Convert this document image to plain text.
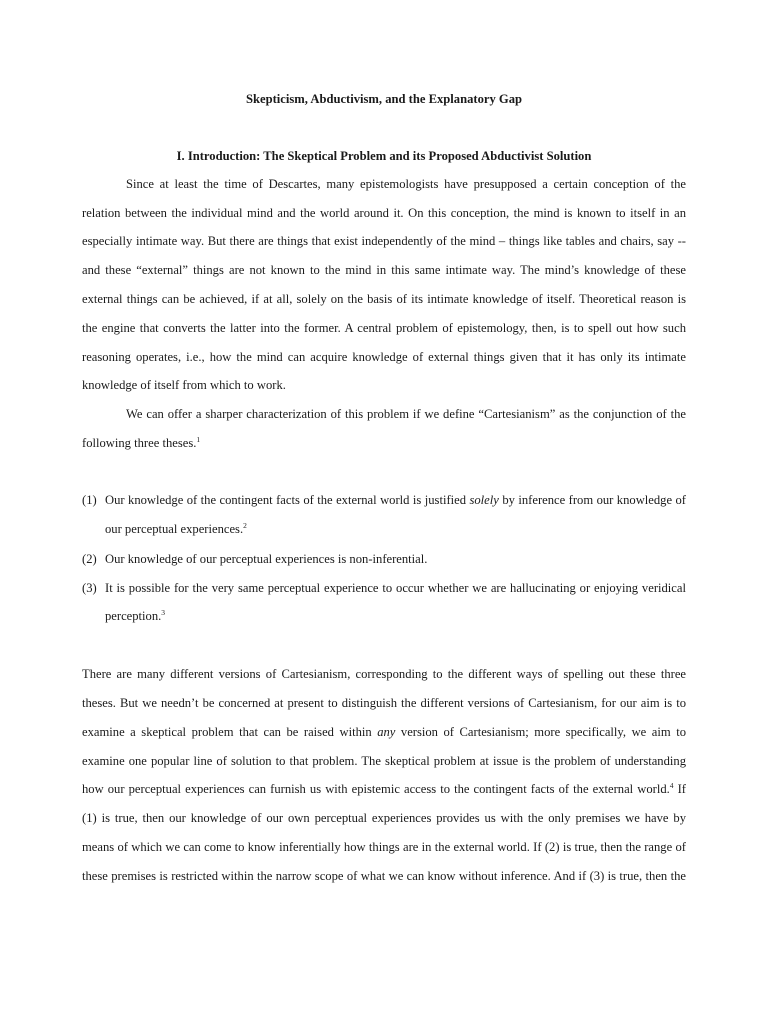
Skepticism, Abductivism, and the Explanatory Gap
I. Introduction: The Skeptical Problem and its Proposed Abductivist Solution
Since at least the time of Descartes, many epistemologists have presupposed a certain conception of the
relation between the individual mind and the world around it. On this conception, the mind is known to itself in an
especially intimate way. But there are things that exist independently of the mind – things like tables and chairs, say --
and these “external” things are not known to the mind in this same intimate way. The mind’s knowledge of these
external things can be achieved, if at all, solely on the basis of its intimate knowledge of itself. Theoretical reason is
the engine that converts the latter into the former. A central problem of epistemology, then, is to spell out how such
reasoning operates, i.e., how the mind can acquire knowledge of external things given that it has only its intimate
knowledge of itself from which to work.
We can offer a sharper characterization of this problem if we define “Cartesianism” as the conjunction of the
following three theses.$^1$
(1) Our knowledge of the contingent facts of the external world is justified solely by inference from our knowledge of
our perceptual experiences.$^2$
(2) Our knowledge of our perceptual experiences is non-inferential.
(3) It is possible for the very same perceptual experience to occur whether we are hallucinating or enjoying veridical
perception.$^3$
There are many different versions of Cartesianism, corresponding to the different ways of spelling out these three
theses. But we needn’t be concerned at present to distinguish the different versions of Cartesianism, for our aim is to
examine a skeptical problem that can be raised within any version of Cartesianism; more specifically, we aim to
examine one popular line of solution to that problem. The skeptical problem at issue is the problem of understanding
how our perceptual experiences can furnish us with epistemic access to the contingent facts of the external world.$^4$ If
(1) is true, then our knowledge of our own perceptual experiences provides us with the only premises we have by
means of which we can come to know inferentially how things are in the external world. If (2) is true, then the range of
these premises is restricted within the narrow scope of what we can know without inference. And if (3) is true, then the
